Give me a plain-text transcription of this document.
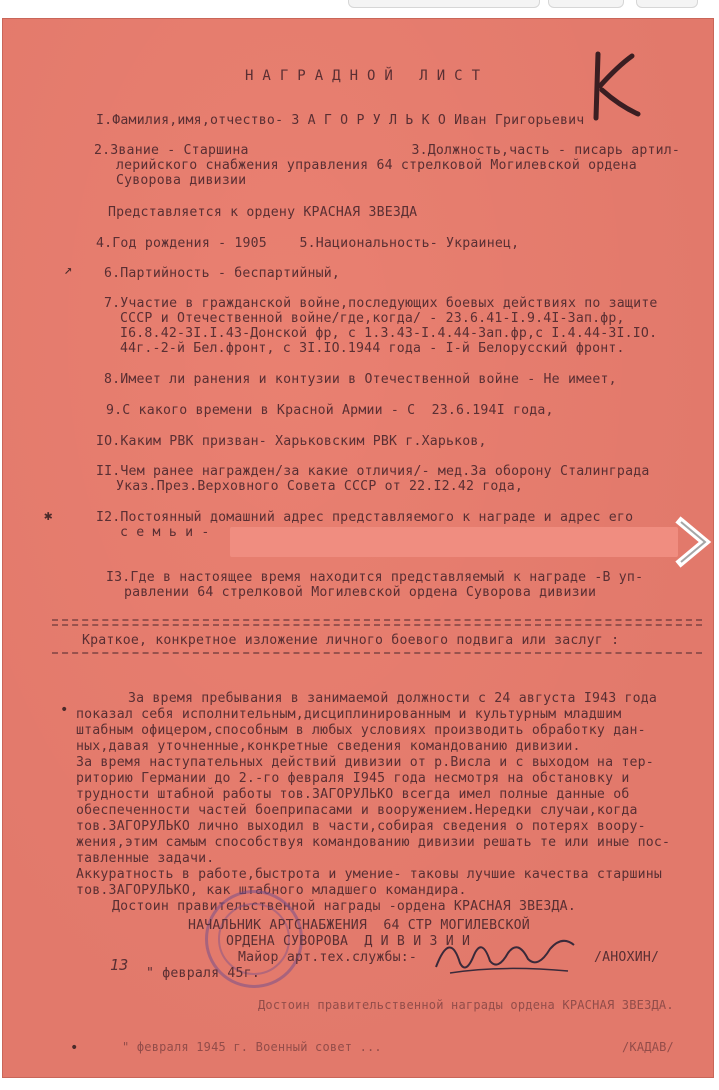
НАГРАДНОЙ ЛИСТ
I.Фамилия,имя,отчество- З А Г О Р У Л Ь К О Иван Григорьевич
2.Звание - Старшина                    3.Должность,часть - писарь артил-
лерийского снабжения управления 64 стрелковой Могилевской ордена
Суворова дивизии
Представляется к ордену КРАСНАЯ ЗВЕЗДА
4.Год рождения - 1905    5.Национальность- Украинец,
6.Партийность - беспартийный,
7.Участие в гражданской войне,последующих боевых действиях по защите
СССР и Отечественной войне/где,когда/ - 23.6.41-I.9.4I-Зап.фр,
I6.8.42-3I.I.43-Донской фр, с 1.3.43-I.4.44-Зап.фр,с I.4.44-3I.IO.
44г.-2-й Бел.фронт, с 3I.IO.1944 года - I-й Белорусский фронт.
8.Имеет ли ранения и контузии в Отечественной войне - Не имеет,
9.С какого времени в Красной Армии - С  23.6.194I года,
IO.Каким РВК призван- Харьковским РВК г.Харьков,
II.Чем ранее награжден/за какие отличия/- мед.За оборону Сталинграда
Указ.През.Верховного Совета СССР от 22.I2.42 года,
I2.Постоянный домашний адрес представляемого к награде и адрес его
с е м ь и -
I3.Где в настоящее время находится представляемый к награде -В уп-
равлении 64 стрелковой Могилевской ордена Суворова дивизии
Краткое, конкретное изложение личного боевого подвига или заслуг :
За время пребывания в занимаемой должности с 24 августа I943 года
показал себя исполнительным,дисциплинированным и культурным младшим
штабным офицером,способным в любых условиях производить обработку дан-
ных,давая уточненные,конкретные сведения командованию дивизии.
За время наступательных действий дивизии от р.Висла и с выходом на тер-
риторию Германии до 2.-го февраля I945 года несмотря на обстановку и
трудности штабной работы тов.ЗАГОРУЛЬКО всегда имел полные данные об
обеспеченности частей боеприпасами и вооружением.Нередки случаи,когда
тов.ЗАГОРУЛЬКО лично выходил в части,собирая сведения о потерях воору-
жения,этим самым способствуя командованию дивизии решать те или иные пос-
тавленные задачи.
Аккуратность в работе,быстрота и умение- таковы лучшие качества старшины
тов.ЗАГОРУЛЬКО, как штабного младшего командира.
Достоин правительственной награды -ордена КРАСНАЯ ЗВЕЗДА.
НАЧАЛЬНИК АРТСНАБЖЕНИЯ  64 СТР МОГИЛЕВСКОЙ
ОРДЕНА СУВОРОВА  Д И В И З И И
Майор арт.тех.службы:-	/АНОХИН/
13 " февраля 45г.
Достоин правительственной награды ордена КРАСНАЯ ЗВЕЗДА.
" февраля 1945 г. Военный совет ...	/КАДАВ/
↗
✱
•
•
